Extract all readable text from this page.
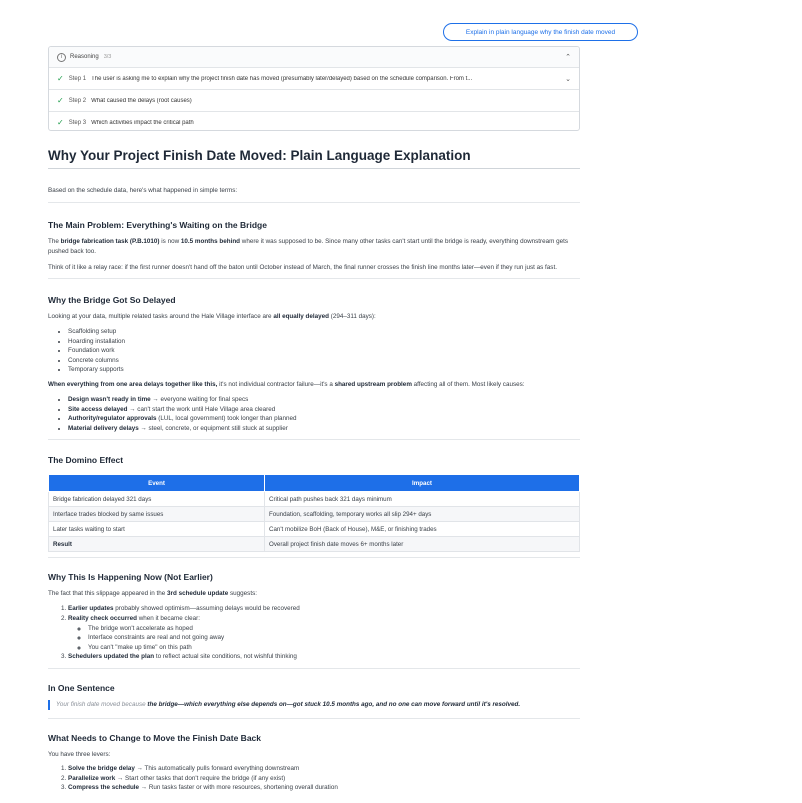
Explain in plain language why the finish date moved
i	Reasoning 3/3	⌃
✓ Step 1 The user is asking me to explain why the project finish date has moved (presumably later/delayed) based on the schedule comparison. From t...	⌄
✓ Step 2 What caused the delays (root causes)
✓ Step 3 Which activities impact the critical path
Why Your Project Finish Date Moved: Plain Language Explanation

Based on the schedule data, here's what happened in simple terms:

The Main Problem: Everything's Waiting on the Bridge

The bridge fabrication task (P.B.1010) is now 10.5 months behind where it was supposed to be. Since many other tasks can't start until the bridge is ready, everything downstream gets pushed back too.

Think of it like a relay race: if the first runner doesn't hand off the baton until October instead of March, the final runner crosses the finish line months later—even if they run just as fast.

Why the Bridge Got So Delayed

Looking at your data, multiple related tasks around the Hale Village interface are all equally delayed (294–311 days):

• Scaffolding setup
• Hoarding installation
• Foundation work
• Concrete columns
• Temporary supports

When everything from one area delays together like this, it's not individual contractor failure—it's a shared upstream problem affecting all of them. Most likely causes:

• Design wasn't ready in time → everyone waiting for final specs
• Site access delayed → can't start the work until Hale Village area cleared
• Authority/regulator approvals (LUL, local government) took longer than planned
• Material delivery delays → steel, concrete, or equipment still stuck at supplier
The Domino Effect
Event	Impact
Bridge fabrication delayed 321 days	Critical path pushes back 321 days minimum
Interface trades blocked by same issues	Foundation, scaffolding, temporary works all slip 294+ days
Later tasks waiting to start	Can't mobilize BoH (Back of House), M&E, or finishing trades
Result	Overall project finish date moves 6+ months later
Why This Is Happening Now (Not Earlier)

The fact that this slippage appeared in the 3rd schedule update suggests:

1. Earlier updates probably showed optimism—assuming delays would be recovered
2. Reality check occurred when it became clear:
◦ The bridge won't accelerate as hoped
◦ Interface constraints are real and not going away
◦ You can't "make up time" on this path
3. Schedulers updated the plan to reflect actual site conditions, not wishful thinking
In One Sentence
Your finish date moved because the bridge—which everything else depends on—got stuck 10.5 months ago, and no one can move forward until it's resolved.
What Needs to Change to Move the Finish Date Back

You have three levers:

1. Solve the bridge delay → This automatically pulls forward everything downstream
2. Parallelize work → Start other tasks that don't require the bridge (if any exist)
3. Compress the schedule → Run tasks faster or with more resources, shortening overall duration
